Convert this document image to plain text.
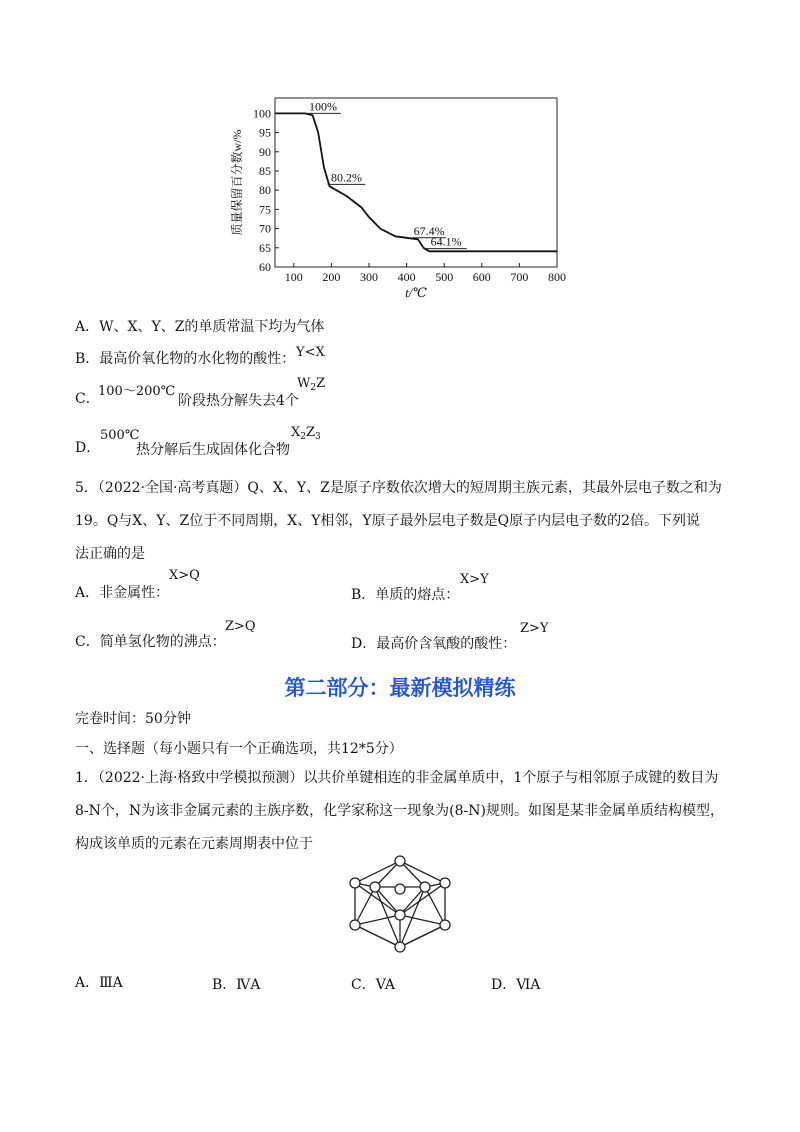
100 200 300 400 500 600 700 800
60
65
70
75
80
85
90
95
100	100%
80.2%
67.4%
64.1%
t/℃
质量保留百分数w/%
A．W、X、Y、Z的单质常温下均为气体
B．最高价氧化物的水化物的酸性： Y<X
C．
100～200℃
阶段热分解失去4个
$W_2Z$
D．
500℃
热分解后生成固体化合物
$X_2Z_3$
5．（2022·全国·高考真题）Q、X、Y、Z是原子序数依次增大的短周期主族元素，其最外层电子数之和为
19。Q与X、Y、Z位于不同周期，X、Y相邻，Y原子最外层电子数是Q原子内层电子数的2倍。下列说
法正确的是
A．非金属性：
X>Q
B．单质的熔点：
X>Y
C．简单氢化物的沸点：
Z>Q
D．最高价含氧酸的酸性：
Z>Y
第二部分：最新模拟精练
完卷时间：50分钟
一、选择题（每小题只有一个正确选项，共12*5分）
1．（2022·上海·格致中学模拟预测）以共价单键相连的非金属单质中，1个原子与相邻原子成键的数目为
8-N个，N为该非金属元素的主族序数，化学家称这一现象为(8-N)规则。如图是某非金属单质结构模型，
构成该单质的元素在元素周期表中位于
A．ⅢA	B．ⅣA	C．VA	D．ⅥA
